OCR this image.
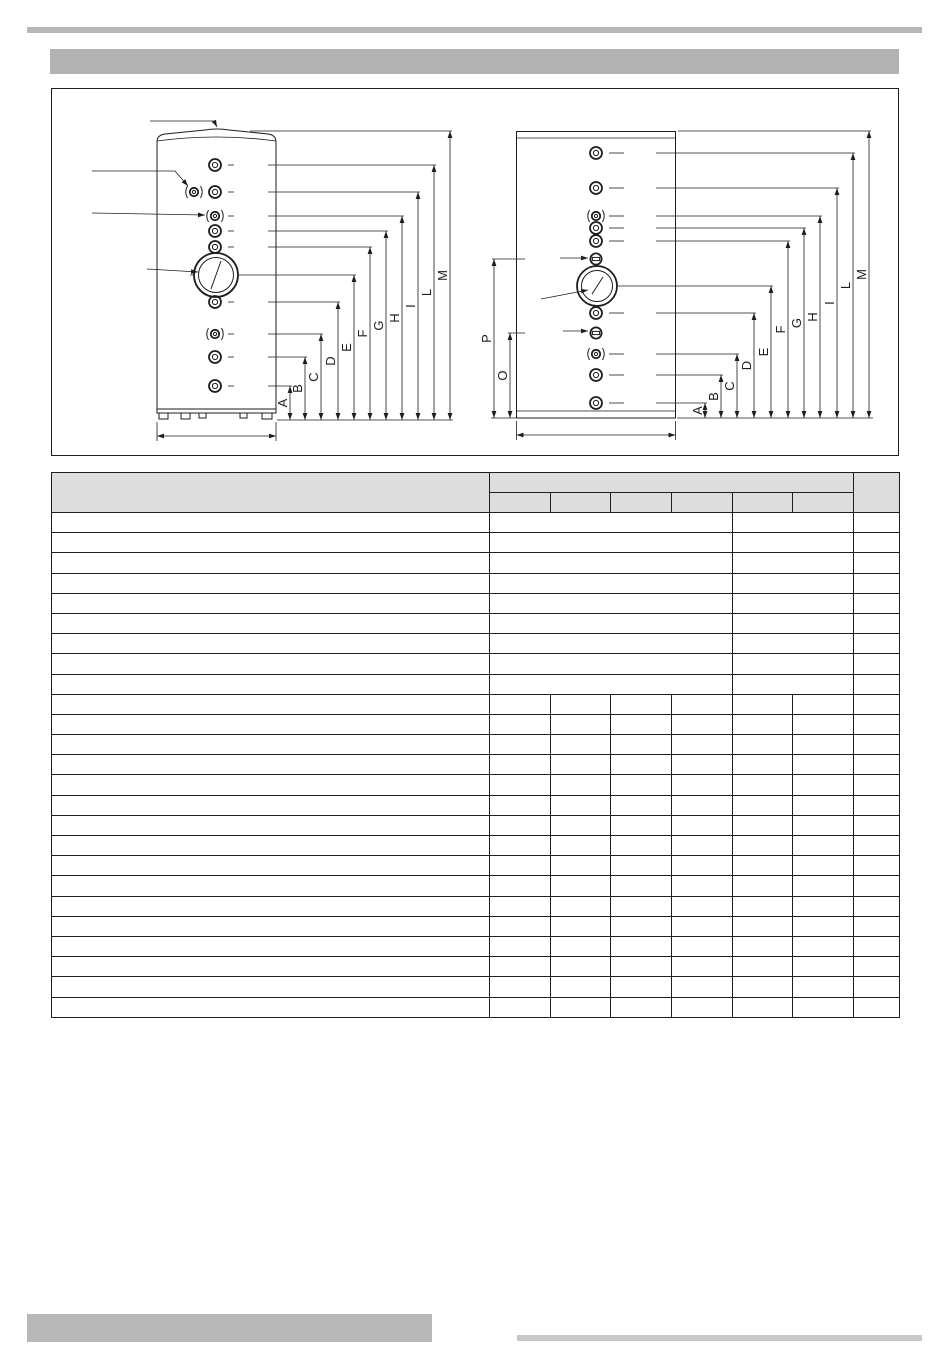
A
B
C
D
E
F
G
H
I
L
M
A
B
C
D
E
F
G
H
I
L
M
O
P
